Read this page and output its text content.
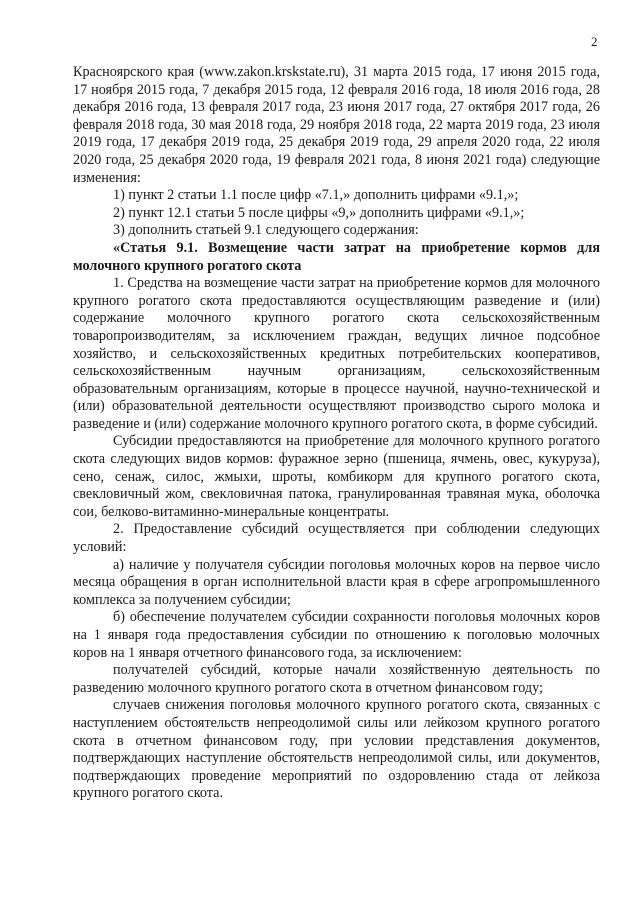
2

Красноярского края (www.zakon.krskstate.ru), 31 марта 2015 года, 17 июня 2015 года, 17 ноября 2015 года, 7 декабря 2015 года, 12 февраля 2016 года, 18 июля 2016 года, 28 декабря 2016 года, 13 февраля 2017 года, 23 июня 2017 года, 27 октября 2017 года, 26 февраля 2018 года, 30 мая 2018 года, 29 ноября 2018 года, 22 марта 2019 года, 23 июля 2019 года, 17 декабря 2019 года, 25 декабря 2019 года, 29 апреля 2020 года, 22 июля 2020 года, 25 декабря 2020 года, 19 февраля 2021 года, 8 июня 2021 года) следующие изменения:

1) пункт 2 статьи 1.1 после цифр «7.1,» дополнить цифрами «9.1,»;

2) пункт 12.1 статьи 5 после цифры «9,» дополнить цифрами «9.1,»;

3) дополнить статьей 9.1 следующего содержания:

«Статья 9.1. Возмещение части затрат на приобретение кормов для молочного крупного рогатого скота

1. Средства на возмещение части затрат на приобретение кормов для молочного крупного рогатого скота предоставляются осуществляющим разведение и (или) содержание молочного крупного рогатого скота сельскохозяйственным товаропроизводителям, за исключением граждан, ведущих личное подсобное хозяйство, и сельскохозяйственных кредитных потребительских кооперативов, сельскохозяйственным научным организациям, сельскохозяйственным образовательным организациям, которые в процессе научной, научно-технической и (или) образовательной деятельности осуществляют производство сырого молока и разведение и (или) содержание молочного крупного рогатого скота, в форме субсидий.

Субсидии предоставляются на приобретение для молочного крупного рогатого скота следующих видов кормов: фуражное зерно (пшеница, ячмень, овес, кукуруза), сено, сенаж, силос, жмыхи, шроты, комбикорм для крупного рогатого скота, свекловичный жом, свекловичная патока, гранулированная травяная мука, оболочка сои, белково-витаминно-минеральные концентраты.

2. Предоставление субсидий осуществляется при соблюдении следующих условий:

а) наличие у получателя субсидии поголовья молочных коров на первое число месяца обращения в орган исполнительной власти края в сфере агропромышленного комплекса за получением субсидии;

б) обеспечение получателем субсидии сохранности поголовья молочных коров на 1 января года предоставления субсидии по отношению к поголовью молочных коров на 1 января отчетного финансового года, за исключением:

получателей субсидий, которые начали хозяйственную деятельность по разведению молочного крупного рогатого скота в отчетном финансовом году;

случаев снижения поголовья молочного крупного рогатого скота, связанных с наступлением обстоятельств непреодолимой силы или лейкозом крупного рогатого скота в отчетном финансовом году, при условии представления документов, подтверждающих наступление обстоятельств непреодолимой силы, или документов, подтверждающих проведение мероприятий по оздоровлению стада от лейкоза крупного рогатого скота.
